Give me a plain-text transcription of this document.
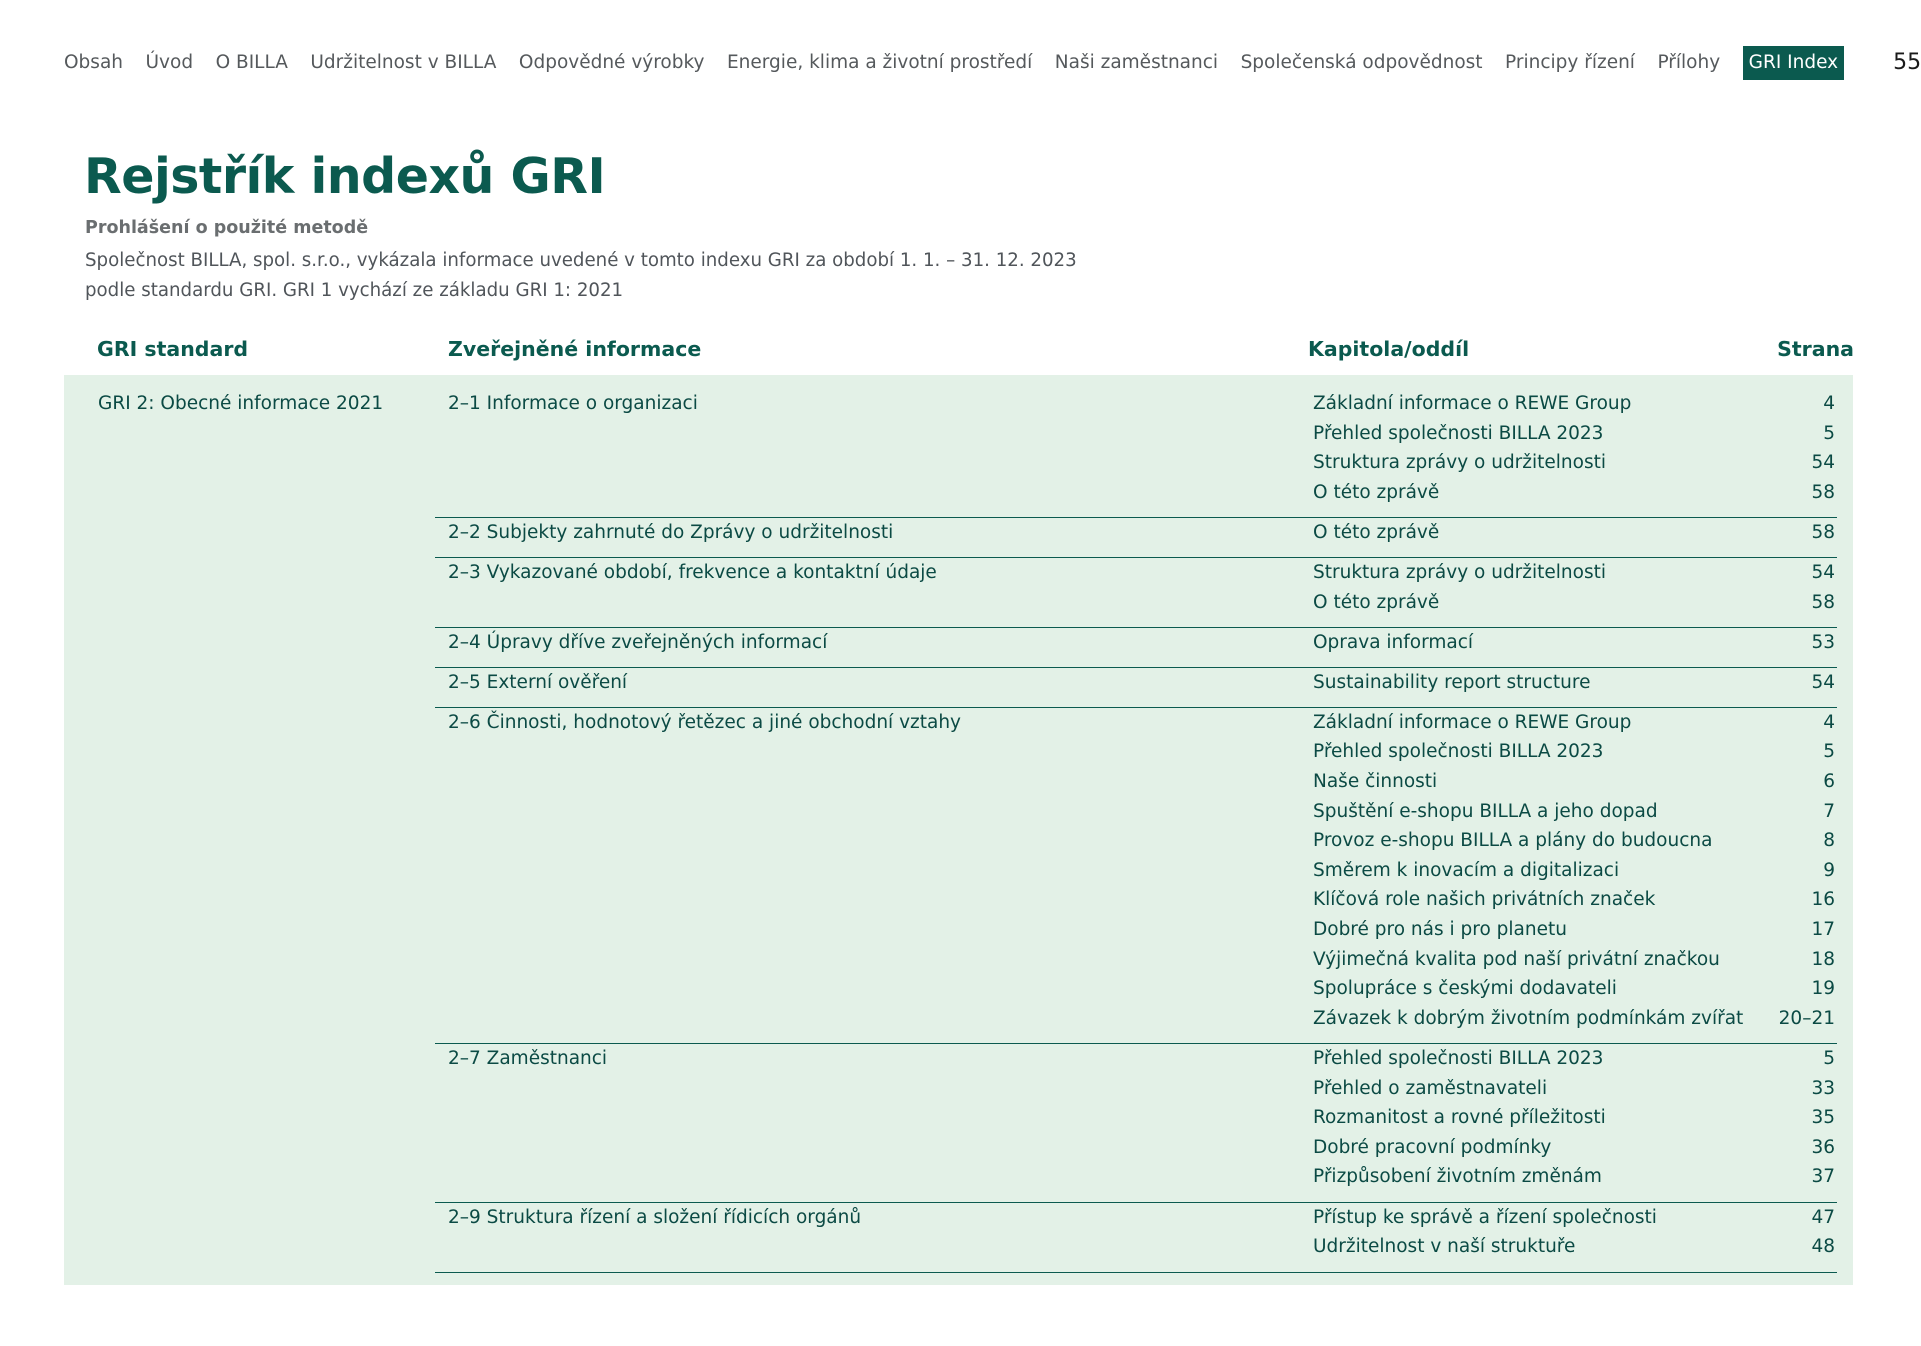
Obsah Úvod O BILLA Udržitelnost v BILLA Odpovědné výrobky Energie, klima a životní prostředí Naši zaměstnanci Společenská odpovědnost Principy řízení Přílohy	GRI Index	55
Rejstřík indexů GRI
Prohlášení o použité metodě

Společnost BILLA, spol. s.r.o., vykázala informace uvedené v tomto indexu GRI za období 1. 1. – 31. 12. 2023

podle standardu GRI. GRI 1 vychází ze základu GRI 1: 2021

GRI standard	Zveřejněné informace	Kapitola/oddíl	Strana
GRI 2: Obecné informace 2021	2–1 Informace o organizaci	Základní informace o REWE Group	4
Přehled společnosti BILLA 2023	5
Struktura zprávy o udržitelnosti	54
O této zprávě	58
2–2 Subjekty zahrnuté do Zprávy o udržitelnosti	O této zprávě	58
2–3 Vykazované období, frekvence a kontaktní údaje	Struktura zprávy o udržitelnosti	54
O této zprávě	58
2–4 Úpravy dříve zveřejněných informací	Oprava informací	53
2–5 Externí ověření	Sustainability report structure	54
2–6 Činnosti, hodnotový řetězec a jiné obchodní vztahy	Základní informace o REWE Group	4
Přehled společnosti BILLA 2023	5
Naše činnosti	6
Spuštění e-shopu BILLA a jeho dopad	7
Provoz e-shopu BILLA a plány do budoucna	8
Směrem k inovacím a digitalizaci	9
Klíčová role našich privátních značek	16
Dobré pro nás i pro planetu	17
Výjimečná kvalita pod naší privátní značkou	18
Spolupráce s českými dodavateli	19
Závazek k dobrým životním podmínkám zvířat 20–21
2–7 Zaměstnanci	Přehled společnosti BILLA 2023	5
Přehled o zaměstnavateli	33
Rozmanitost a rovné příležitosti	35
Dobré pracovní podmínky	36
Přizpůsobení životním změnám	37
2–9 Struktura řízení a složení řídicích orgánů	Přístup ke správě a řízení společnosti	47
Udržitelnost v naší struktuře	48
